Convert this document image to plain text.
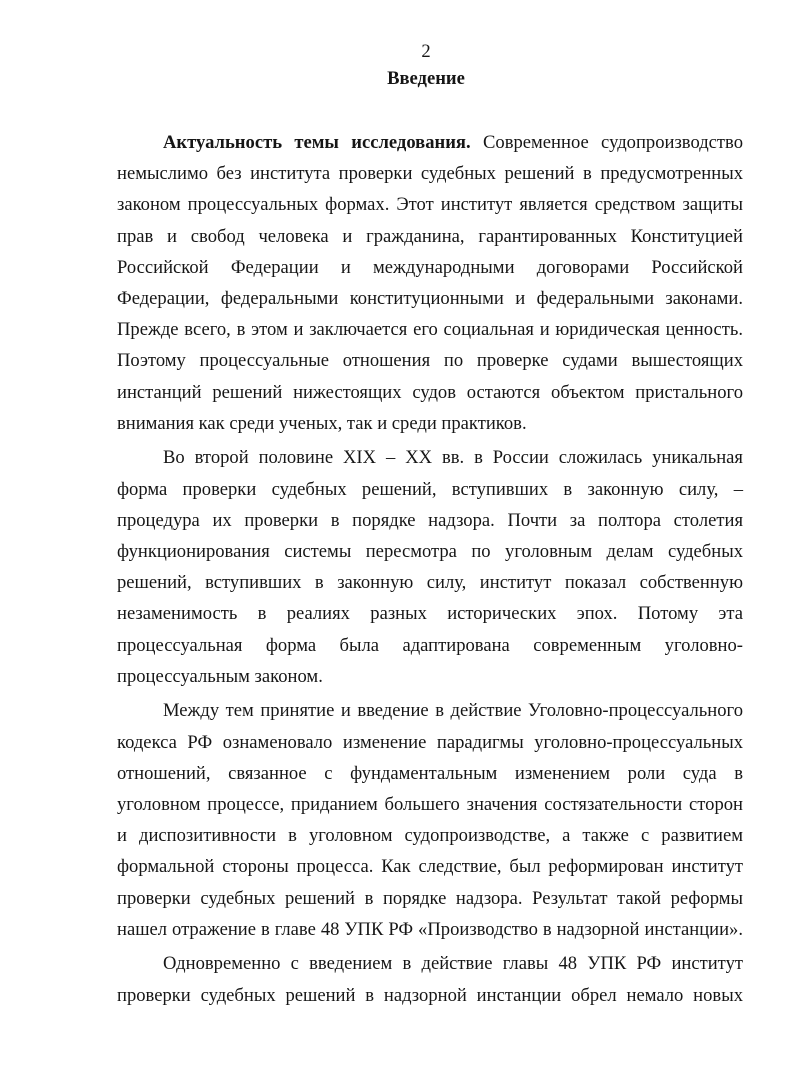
2
Введение
Актуальность темы исследования. Современное судопроизводство
немыслимо без института проверки судебных решений в предусмотренных
законом процессуальных формах. Этот институт является средством защиты
прав и свобод человека и гражданина, гарантированных Конституцией
Российской Федерации и международными договорами Российской
Федерации, федеральными конституционными и федеральными законами.
Прежде всего, в этом и заключается его социальная и юридическая ценность.
Поэтому процессуальные отношения по проверке судами вышестоящих
инстанций решений нижестоящих судов остаются объектом пристального
внимания как среди ученых, так и среди практиков.
Во второй половине XIX – XX вв. в России сложилась уникальная
форма проверки судебных решений, вступивших в законную силу, –
процедура их проверки в порядке надзора. Почти за полтора столетия
функционирования системы пересмотра по уголовным делам судебных
решений, вступивших в законную силу, институт показал собственную
незаменимость в реалиях разных исторических эпох. Потому эта
процессуальная форма была адаптирована современным уголовно-
процессуальным законом.
Между тем принятие и введение в действие Уголовно-процессуального
кодекса РФ ознаменовало изменение парадигмы уголовно-процессуальных
отношений, связанное с фундаментальным изменением роли суда в
уголовном процессе, приданием большего значения состязательности сторон
и диспозитивности в уголовном судопроизводстве, а также с развитием
формальной стороны процесса. Как следствие, был реформирован институт
проверки судебных решений в порядке надзора. Результат такой реформы
нашел отражение в главе 48 УПК РФ «Производство в надзорной инстанции».
Одновременно с введением в действие главы 48 УПК РФ институт
проверки судебных решений в надзорной инстанции обрел немало новых
